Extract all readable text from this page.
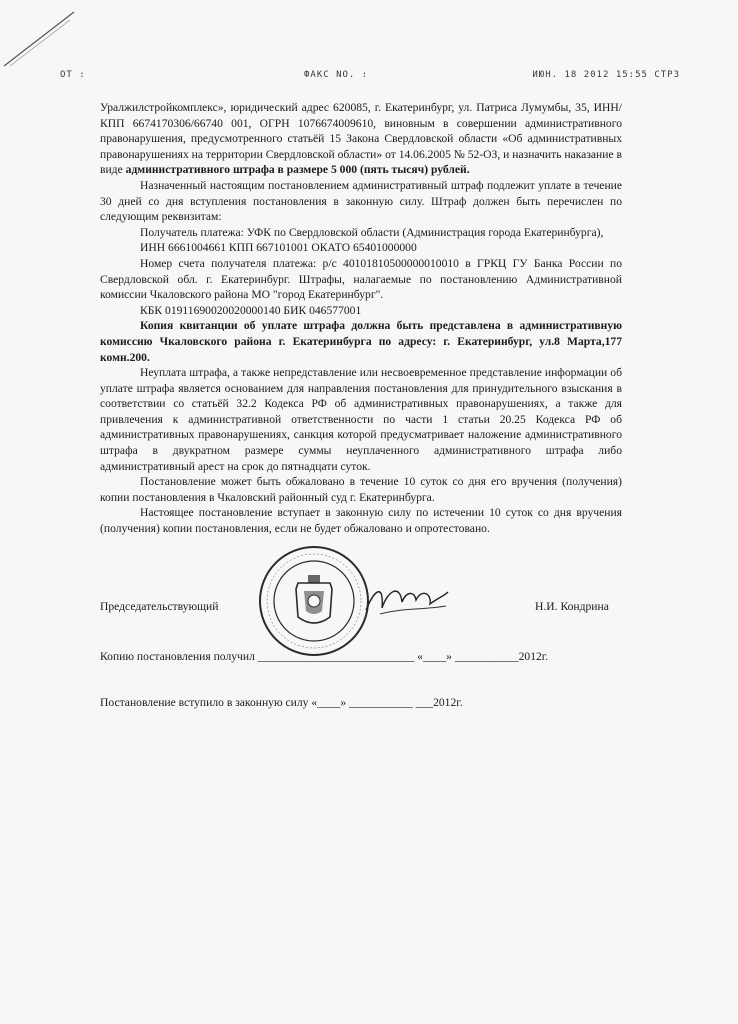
ОТ :	ФАКС NO. :	ИЮН. 18 2012 15:55 СТР3

Уралжилстройкомплекс», юридический адрес 620085, г. Екатеринбург, ул. Патриса Лумумбы, 35, ИНН/КПП 6674170306/66740 001, ОГРН 1076674009610, виновным в совершении административного правонарушения, предусмотренного статьёй 15 Закона Свердловской области «Об административных правонарушениях на территории Свердловской области» от 14.06.2005 № 52-ОЗ, и назначить наказание в виде административного штрафа в размере 5 000 (пять тысяч) рублей.

Назначенный настоящим постановлением административный штраф подлежит уплате в течение 30 дней со дня вступления постановления в законную силу. Штраф должен быть перечислен по следующим реквизитам:

Получатель платежа: УФК по Свердловской области (Администрация города Екатеринбурга),

ИНН 6661004661 КПП 667101001 ОКАТО 65401000000

Номер счета получателя платежа: р/с 40101810500000010010 в ГРКЦ ГУ Банка России по Свердловской обл. г. Екатеринбург. Штрафы, налагаемые по постановлению Административной комиссии Чкаловского района МО "город Екатеринбург".

КБК 01911690020020000140 БИК 046577001

Копия квитанции об уплате штрафа должна быть представлена в административную комиссию Чкаловского района г. Екатеринбурга по адресу: г. Екатеринбург, ул.8 Марта,177 комн.200.

Неуплата штрафа, а также непредставление или несвоевременное представление информации об уплате штрафа является основанием для направления постановления для принудительного взыскания в соответствии со статьёй 32.2 Кодекса РФ об административных правонарушениях, а также для привлечения к административной ответственности по части 1 статьи 20.25 Кодекса РФ об административных правонарушениях, санкция которой предусматривает наложение административного штрафа в двукратном размере суммы неуплаченного административного штрафа либо административный арест на срок до пятнадцати суток.

Постановление может быть обжаловано в течение 10 суток со дня его вручения (получения) копии постановления в Чкаловский районный суд г. Екатеринбурга.

Настоящее постановление вступает в законную силу по истечении 10 суток со дня вручения (получения) копии постановления, если не будет обжаловано и опротестовано.

Председательствующий	Н.И. Кондрина
Копию постановления получил ___________________________ «____» ___________2012г.
Постановление вступило в законную силу «____» ___________ ___2012г.
